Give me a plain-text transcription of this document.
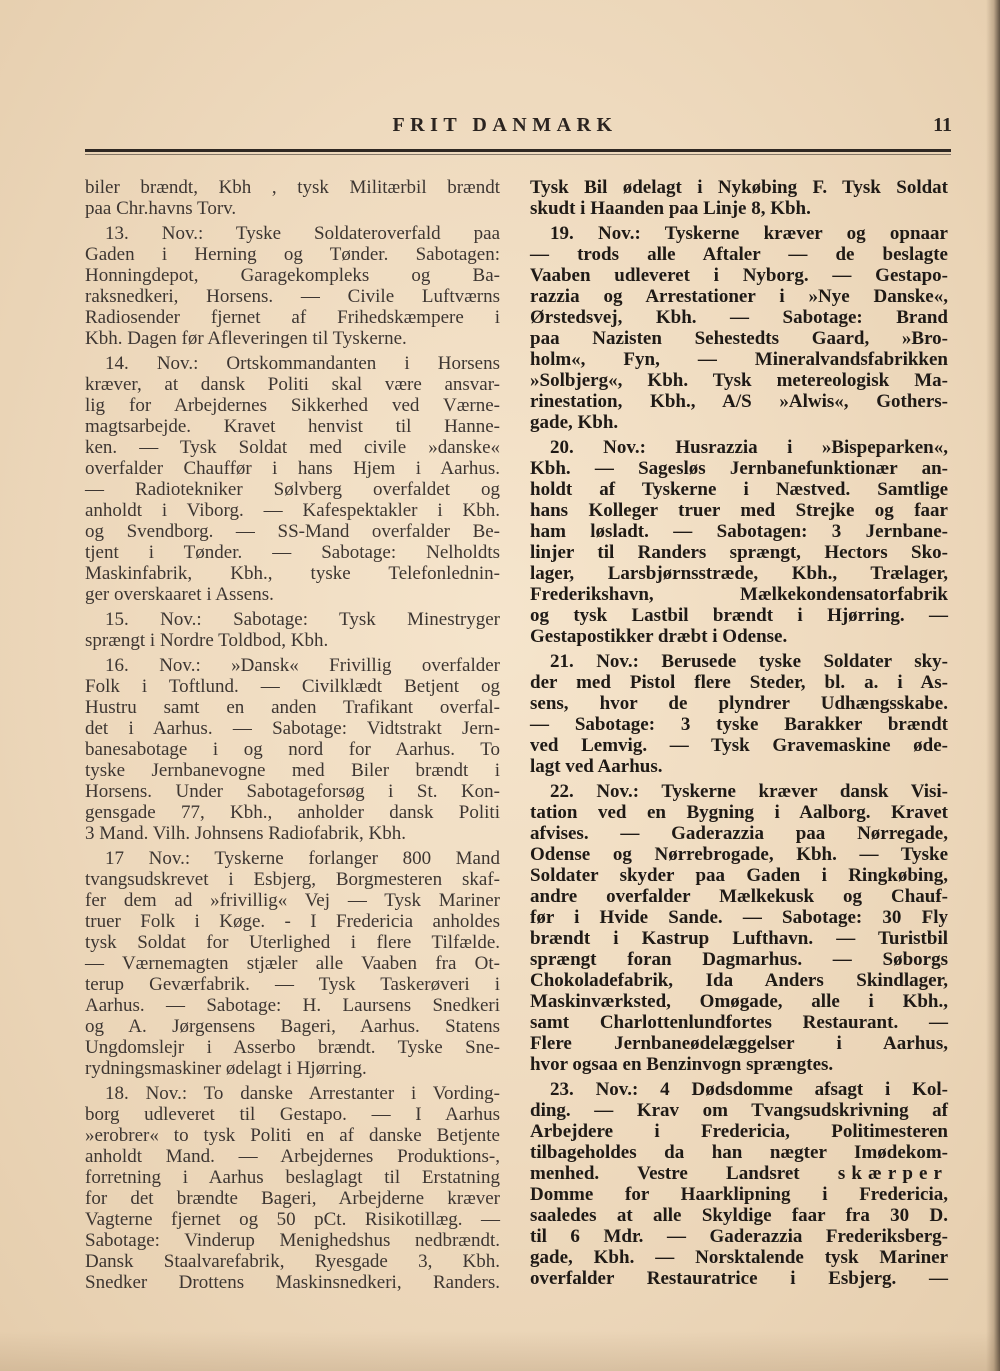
FRIT DANMARK	11
biler brændt, Kbh , tysk Militærbil brændt
paa Chr.havns Torv.
13. Nov.: Tyske Soldateroverfald paa
Gaden i Herning og Tønder. Sabotagen:
Honningdepot, Garagekompleks og Ba-
raksnedkeri, Horsens. — Civile Luftværns
Radiosender fjernet af Frihedskæmpere i
Kbh. Dagen før Afleveringen til Tyskerne.
14. Nov.: Ortskommandanten i Horsens
kræver, at dansk Politi skal være ansvar-
lig for Arbejdernes Sikkerhed ved Værne-
magtsarbejde. Kravet henvist til Hanne-
ken. — Tysk Soldat med civile »danske«
overfalder Chauffør i hans Hjem i Aarhus.
— Radiotekniker Sølvberg overfaldet og
anholdt i Viborg. — Kafespektakler i Kbh.
og Svendborg. — SS-Mand overfalder Be-
tjent i Tønder. — Sabotage: Nelholdts
Maskinfabrik, Kbh., tyske Telefonlednin-
ger overskaaret i Assens.
15. Nov.: Sabotage: Tysk Minestryger
sprængt i Nordre Toldbod, Kbh.
16. Nov.: »Dansk« Frivillig overfalder
Folk i Toftlund. — Civilklædt Betjent og
Hustru samt en anden Trafikant overfal-
det i Aarhus. — Sabotage: Vidtstrakt Jern-
banesabotage i og nord for Aarhus. To
tyske Jernbanevogne med Biler brændt i
Horsens. Under Sabotageforsøg i St. Kon-
gensgade 77, Kbh., anholder dansk Politi
3 Mand. Vilh. Johnsens Radiofabrik, Kbh.
17 Nov.: Tyskerne forlanger 800 Mand
tvangsudskrevet i Esbjerg, Borgmesteren skaf-
fer dem ad »frivillig« Vej — Tysk Mariner
truer Folk i Køge. - I Fredericia anholdes
tysk Soldat for Uterlighed i flere Tilfælde.
— Værnemagten stjæler alle Vaaben fra Ot-
terup Geværfabrik. — Tysk Taskerøveri i
Aarhus. — Sabotage: H. Laursens Snedkeri
og A. Jørgensens Bageri, Aarhus. Statens
Ungdomslejr i Asserbo brændt. Tyske Sne-
rydningsmaskiner ødelagt i Hjørring.
18. Nov.: To danske Arrestanter i Vording-
borg udleveret til Gestapo. — I Aarhus
»erobrer« to tysk Politi en af danske Betjente
anholdt Mand. — Arbejdernes Produktions-,
forretning i Aarhus beslaglagt til Erstatning
for det brændte Bageri, Arbejderne kræver
Vagterne fjernet og 50 pCt. Risikotillæg. —
Sabotage: Vinderup Menighedshus nedbrændt.
Dansk Staalvarefabrik, Ryesgade 3, Kbh.
Snedker Drottens Maskinsnedkeri, Randers.
Tysk Bil ødelagt i Nykøbing F. Tysk Soldat
skudt i Haanden paa Linje 8, Kbh.
19. Nov.: Tyskerne kræver og opnaar
— trods alle Aftaler — de beslagte
Vaaben udleveret i Nyborg. — Gestapo-
razzia og Arrestationer i »Nye Danske«,
Ørstedsvej, Kbh. — Sabotage: Brand
paa Nazisten Sehestedts Gaard, »Bro-
holm«, Fyn, — Mineralvandsfabrikken
»Solbjerg«, Kbh. Tysk metereologisk Ma-
rinestation, Kbh., A/S »Alwis«, Gothers-
gade, Kbh.
20. Nov.: Husrazzia i »Bispeparken«,
Kbh. — Sagesløs Jernbanefunktionær an-
holdt af Tyskerne i Næstved. Samtlige
hans Kolleger truer med Strejke og faar
ham løsladt. — Sabotagen: 3 Jernbane-
linjer til Randers sprængt, Hectors Sko-
lager, Larsbjørnsstræde, Kbh., Trælager,
Frederikshavn, Mælkekondensatorfabrik
og tysk Lastbil brændt i Hjørring. —
Gestapostikker dræbt i Odense.
21. Nov.: Berusede tyske Soldater sky-
der med Pistol flere Steder, bl. a. i As-
sens, hvor de plyndrer Udhængsskabe.
— Sabotage: 3 tyske Barakker brændt
ved Lemvig. — Tysk Gravemaskine øde-
lagt ved Aarhus.
22. Nov.: Tyskerne kræver dansk Visi-
tation ved en Bygning i Aalborg. Kravet
afvises. — Gaderazzia paa Nørregade,
Odense og Nørrebrogade, Kbh. — Tyske
Soldater skyder paa Gaden i Ringkøbing,
andre overfalder Mælkekusk og Chauf-
før i Hvide Sande. — Sabotage: 30 Fly
brændt i Kastrup Lufthavn. — Turistbil
sprængt foran Dagmarhus. — Søborgs
Chokoladefabrik, Ida Anders Skindlager,
Maskinværksted, Omøgade, alle i Kbh.,
samt Charlottenlundfortes Restaurant. —
Flere Jernbaneødelæggelser i Aarhus,
hvor ogsaa en Benzinvogn sprængtes.
23. Nov.: 4 Dødsdomme afsagt i Kol-
ding. — Krav om Tvangsudskrivning af
Arbejdere i Fredericia, Politimesteren
tilbageholdes da han nægter Imødekom-
menhed. Vestre Landsret skærper
Domme for Haarklipning i Fredericia,
saaledes at alle Skyldige faar fra 30 D.
til 6 Mdr. — Gaderazzia Frederiksberg-
gade, Kbh. — Norsktalende tysk Mariner
overfalder Restauratrice i Esbjerg. —
